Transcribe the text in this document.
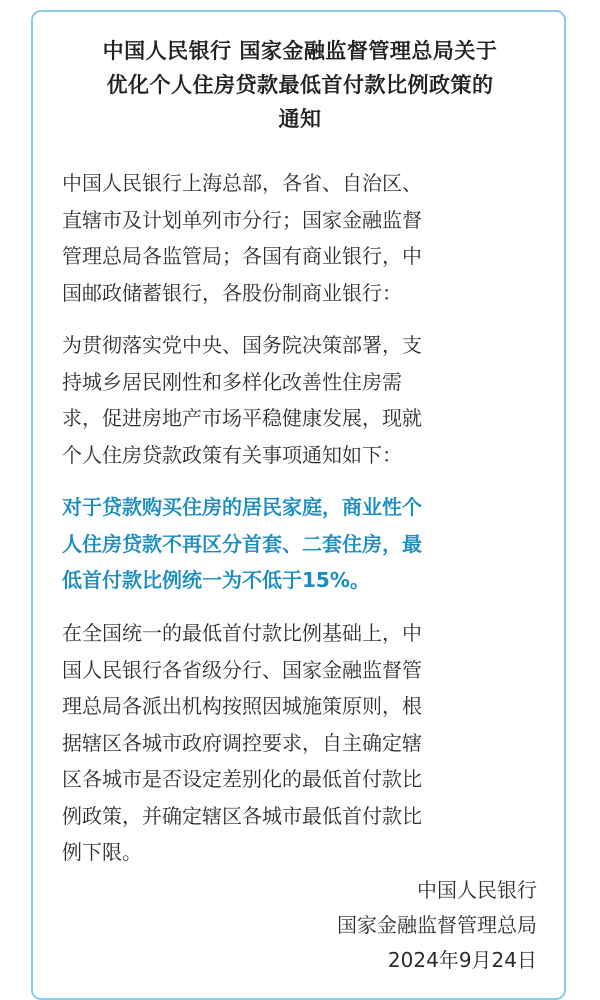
中国人民银行 国家金融监督管理总局关于
优化个人住房贷款最低首付款比例政策的
通知
中国人民银行上海总部，各省、自治区、
直辖市及计划单列市分行；国家金融监督
管理总局各监管局；各国有商业银行，中
国邮政储蓄银行，各股份制商业银行：
为贯彻落实党中央、国务院决策部署，支
持城乡居民刚性和多样化改善性住房需
求，促进房地产市场平稳健康发展，现就
个人住房贷款政策有关事项通知如下：
对于贷款购买住房的居民家庭，商业性个
人住房贷款不再区分首套、二套住房，最
低首付款比例统一为不低于15%。
在全国统一的最低首付款比例基础上，中
国人民银行各省级分行、国家金融监督管
理总局各派出机构按照因城施策原则，根
据辖区各城市政府调控要求，自主确定辖
区各城市是否设定差别化的最低首付款比
例政策，并确定辖区各城市最低首付款比
例下限。
中国人民银行
国家金融监督管理总局
2024年9月24日
